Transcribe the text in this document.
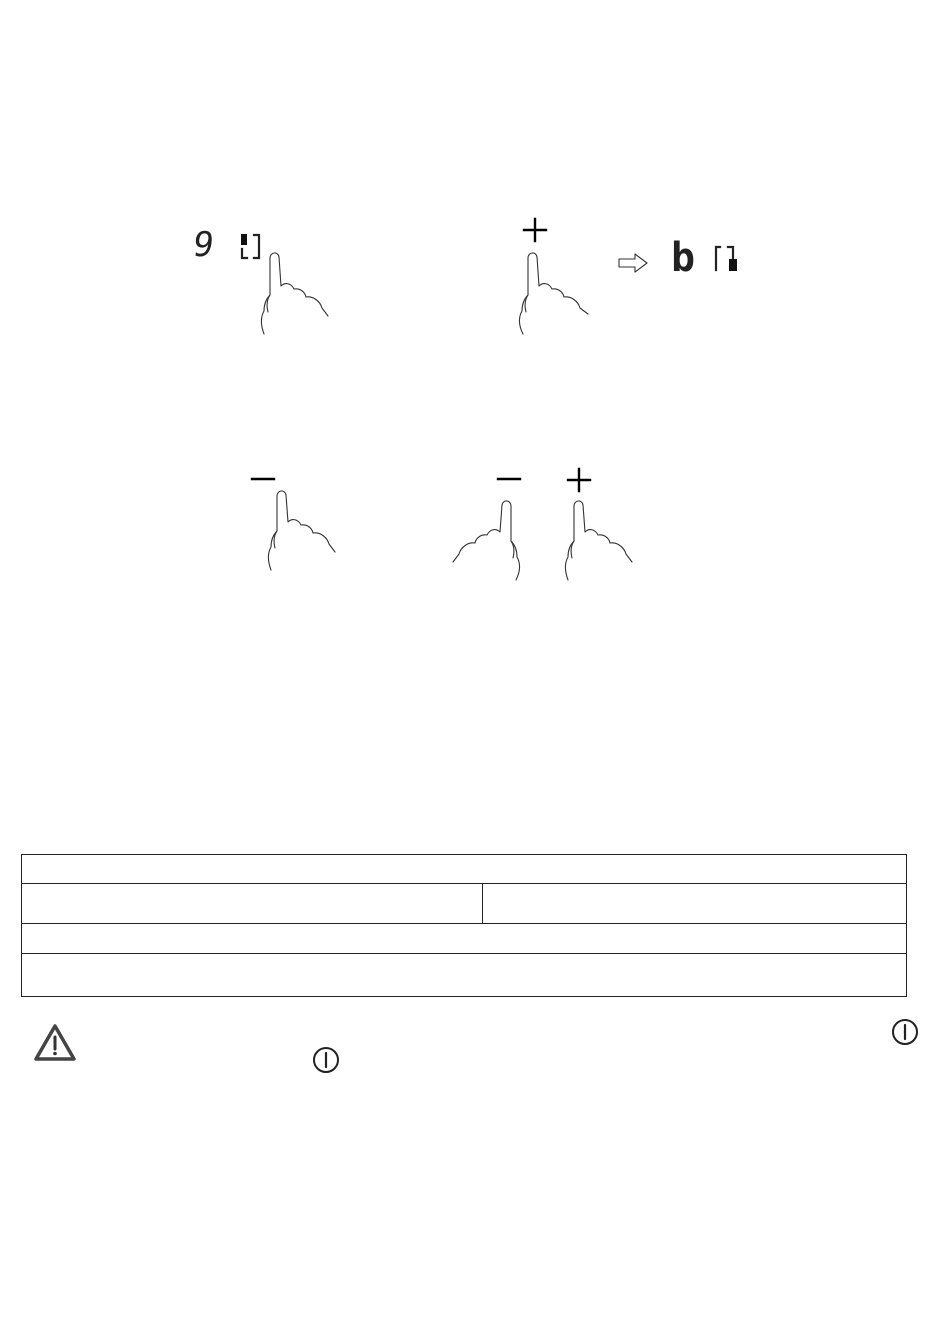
9	b
